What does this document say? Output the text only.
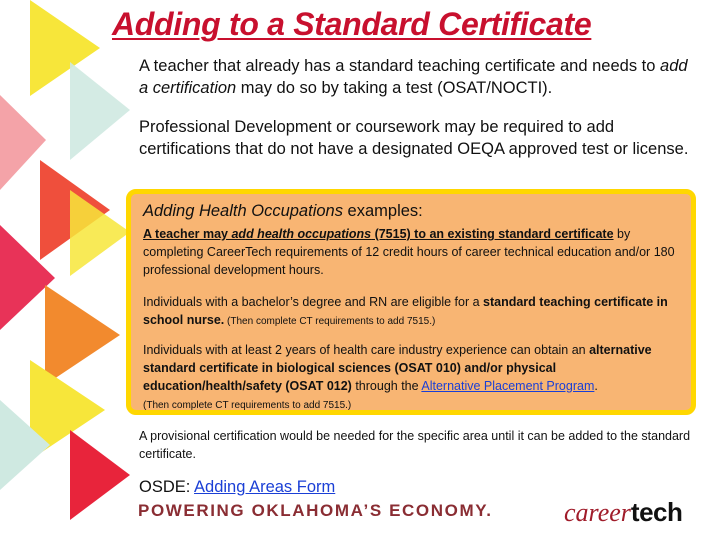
Adding to a Standard Certificate

A teacher that already has a standard teaching certificate and needs to add a certification may do so by taking a test (OSAT/NOCTI).

Professional Development or coursework may be required to add certifications that do not have a designated OEQA approved test or license.

Adding Health Occupations examples:

A teacher may add health occupations (7515) to an existing standard certificate by completing CareerTech requirements of 12 credit hours of career technical education and/or 180 professional development hours.

Individuals with a bachelor’s degree and RN are eligible for a standard teaching certificate in school nurse. (Then complete CT requirements to add 7515.)

Individuals with at least 2 years of health care industry experience can obtain an alternative standard certificate in biological sciences (OSAT 010) and/or physical education/health/safety (OSAT 012) through the Alternative Placement Program.
(Then complete CT requirements to add 7515.)

A provisional certification would be needed for the specific area until it can be added to the standard certificate.

OSDE: Adding Areas Form

POWERING OKLAHOMA’S ECONOMY.	careertech
